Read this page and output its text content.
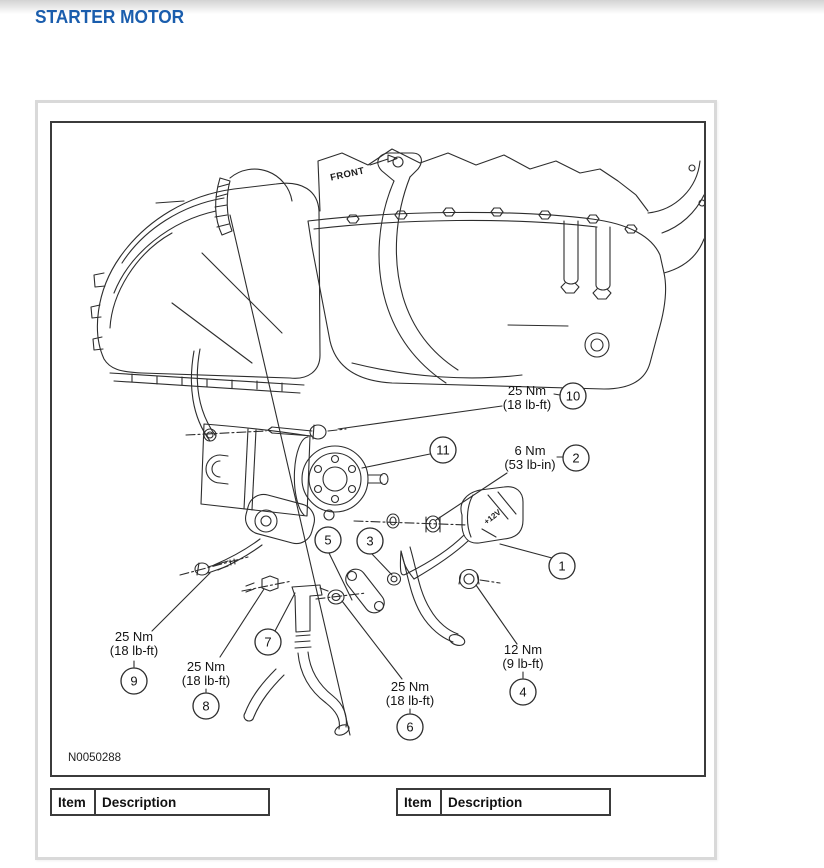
STARTER MOTOR
FRONT
+12V
25 Nm
(18 lb-ft)
6 Nm
(53 lb-in)
25 Nm
(18 lb-ft)
25 Nm
(18 lb-ft)	25 Nm
(18 lb-ft)
12 Nm
(9 lb-ft)
10
2
11
1
5	3
7
9
8
6
4
N0050288
Item	Description	Item	Description
